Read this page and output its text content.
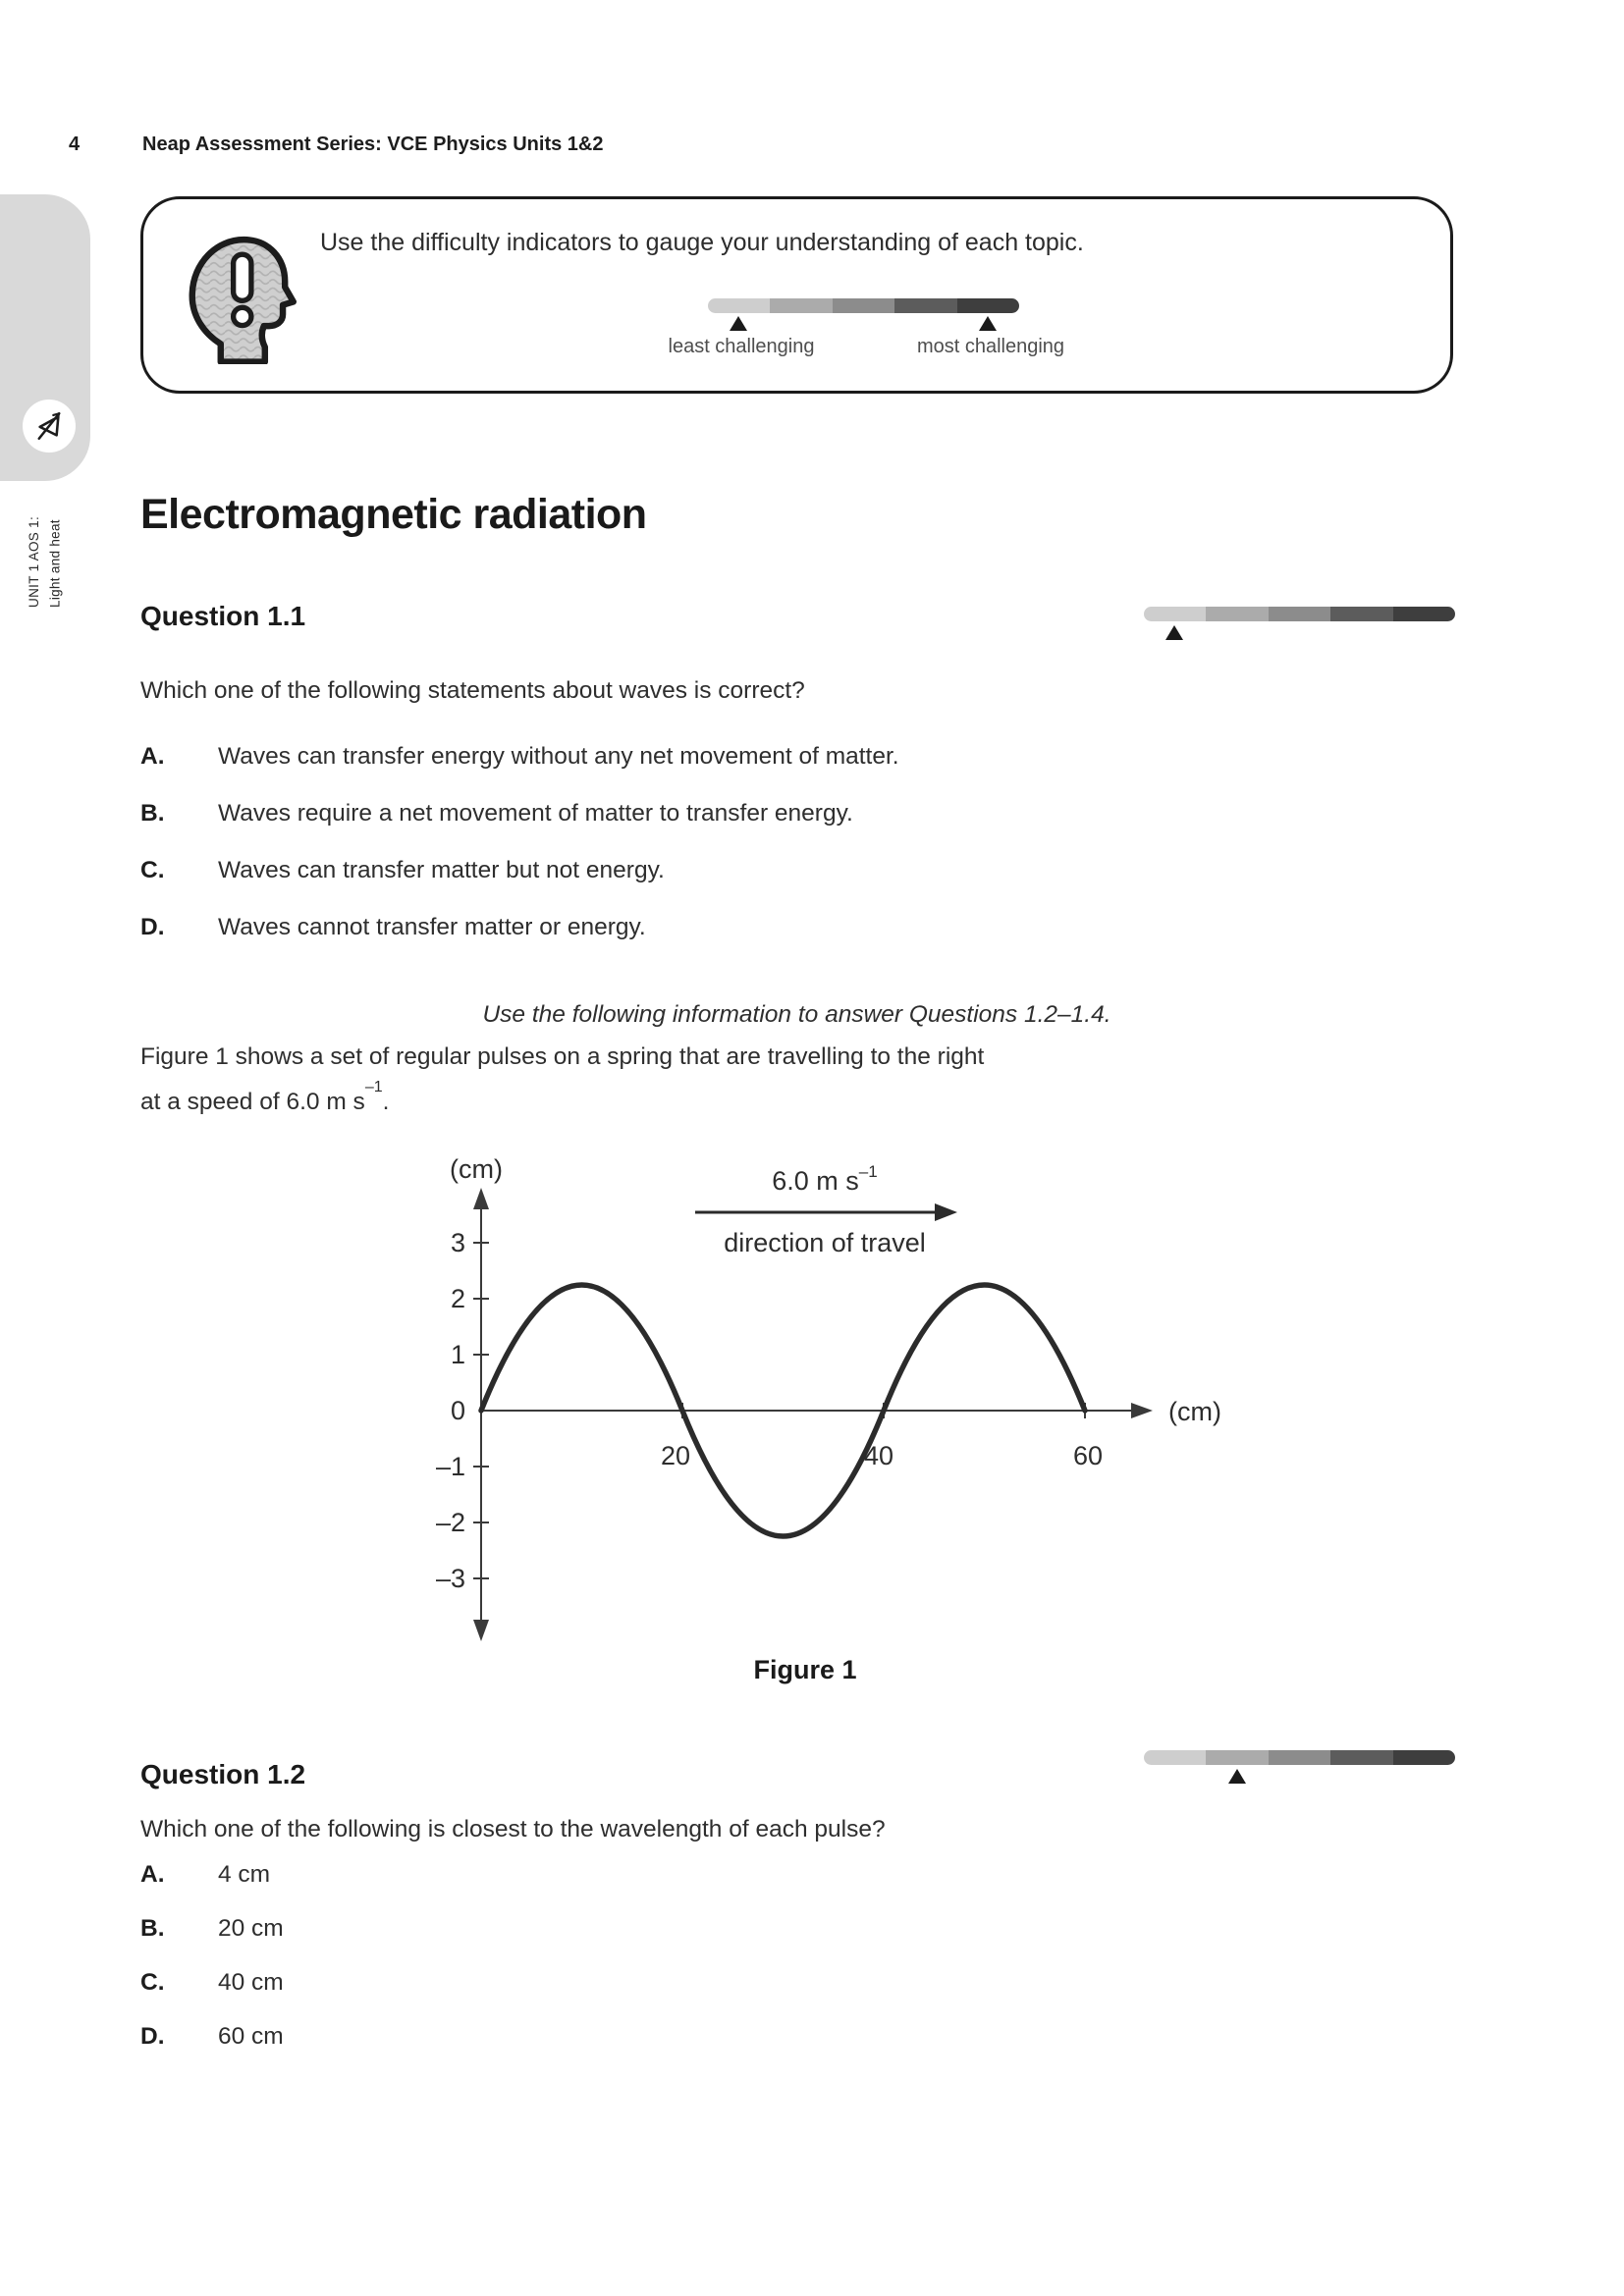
4	Neap Assessment Series: VCE Physics Units 1&2
UNIT 1 AOS 1: Light and heat
Use the difficulty indicators to gauge your understanding of each topic.
least challenging	most challenging
Electromagnetic radiation
Question 1.1
Which one of the following statements about waves is correct?
A. Waves can transfer energy without any net movement of matter.
B. Waves require a net movement of matter to transfer energy.
C. Waves can transfer matter but not energy.
D. Waves cannot transfer matter or energy.
Use the following information to answer Questions 1.2–1.4.
Figure 1 shows a set of regular pulses on a spring that are travelling to the right
at a speed of 6.0 m $s^{-1}$.
3
2
1
0
–1
–2
–3
20	40	60
(cm)
(cm)
6.0 m $s^{-1}$
direction of travel
Figure 1
Question 1.2
Which one of the following is closest to the wavelength of each pulse?
A. 4 cm
B. 20 cm
C. 40 cm
D. 60 cm
